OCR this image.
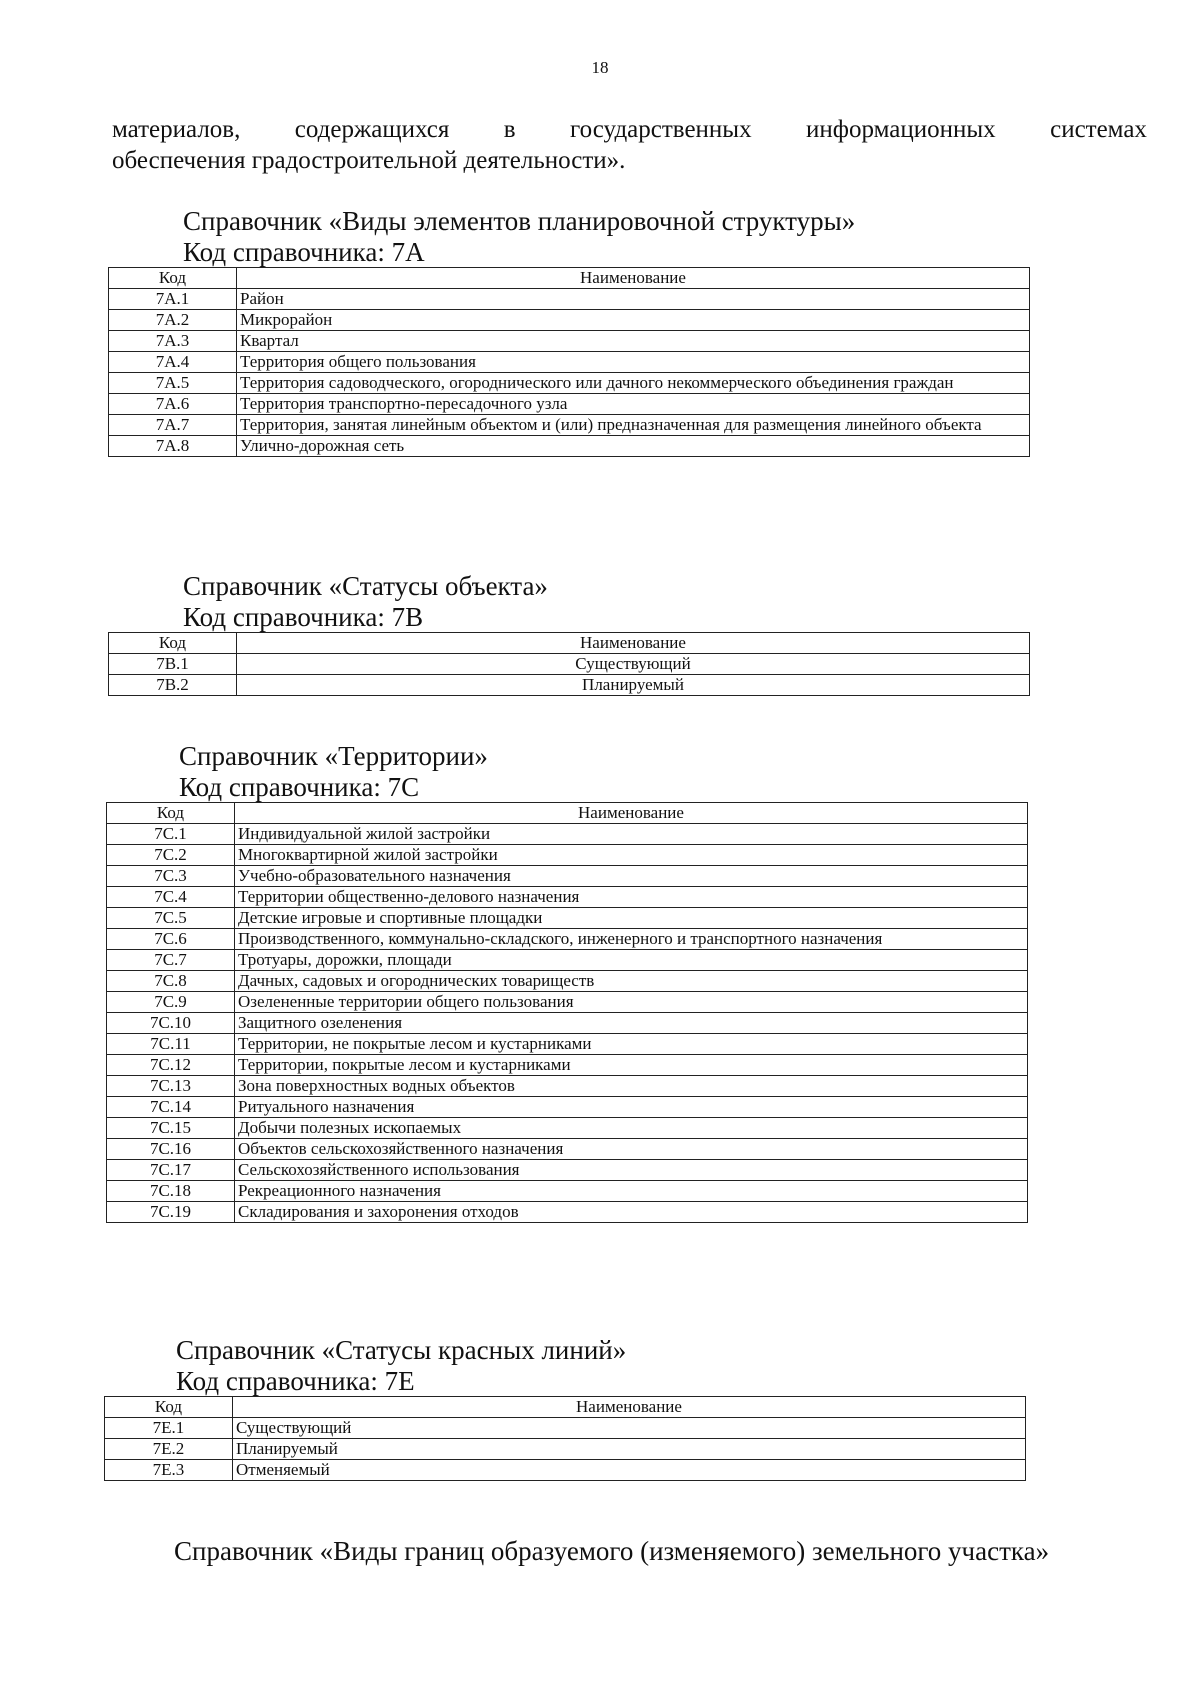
18
материалов, содержащихся в государственных информационных системах
обеспечения градостроительной деятельности».
Справочник «Виды элементов планировочной структуры»
Код справочника: 7А
Код	Наименование
7А.1	Район
7А.2	Микрорайон
7А.3	Квартал
7А.4	Территория общего пользования
7А.5	Территория садоводческого, огороднического или дачного некоммерческого объединения граждан
7А.6	Территория транспортно-пересадочного узла
7А.7	Территория, занятая линейным объектом и (или) предназначенная для размещения линейного объекта
7А.8	Улично-дорожная сеть
Справочник «Статусы объекта»
Код справочника: 7В
Код	Наименование
7В.1	Существующий
7В.2	Планируемый
Справочник «Территории»
Код справочника: 7С
Код	Наименование
7С.1	Индивидуальной жилой застройки
7С.2	Многоквартирной жилой застройки
7С.3	Учебно-образовательного назначения
7С.4	Территории общественно-делового назначения
7С.5	Детские игровые и спортивные площадки
7С.6	Производственного, коммунально-складского, инженерного и транспортного назначения
7С.7	Тротуары, дорожки, площади
7С.8	Дачных, садовых и огороднических товариществ
7С.9	Озелененные территории общего пользования
7С.10	Защитного озеленения
7С.11	Территории, не покрытые лесом и кустарниками
7С.12	Территории, покрытые лесом и кустарниками
7С.13	Зона поверхностных водных объектов
7С.14	Ритуального назначения
7С.15	Добычи полезных ископаемых
7С.16	Объектов сельскохозяйственного назначения
7С.17	Сельскохозяйственного использования
7С.18	Рекреационного назначения
7С.19	Складирования и захоронения отходов
Справочник «Статусы красных линий»
Код справочника: 7Е
Код	Наименование
7Е.1	Существующий
7Е.2	Планируемый
7Е.3	Отменяемый
Справочник «Виды границ образуемого (изменяемого) земельного участка»
